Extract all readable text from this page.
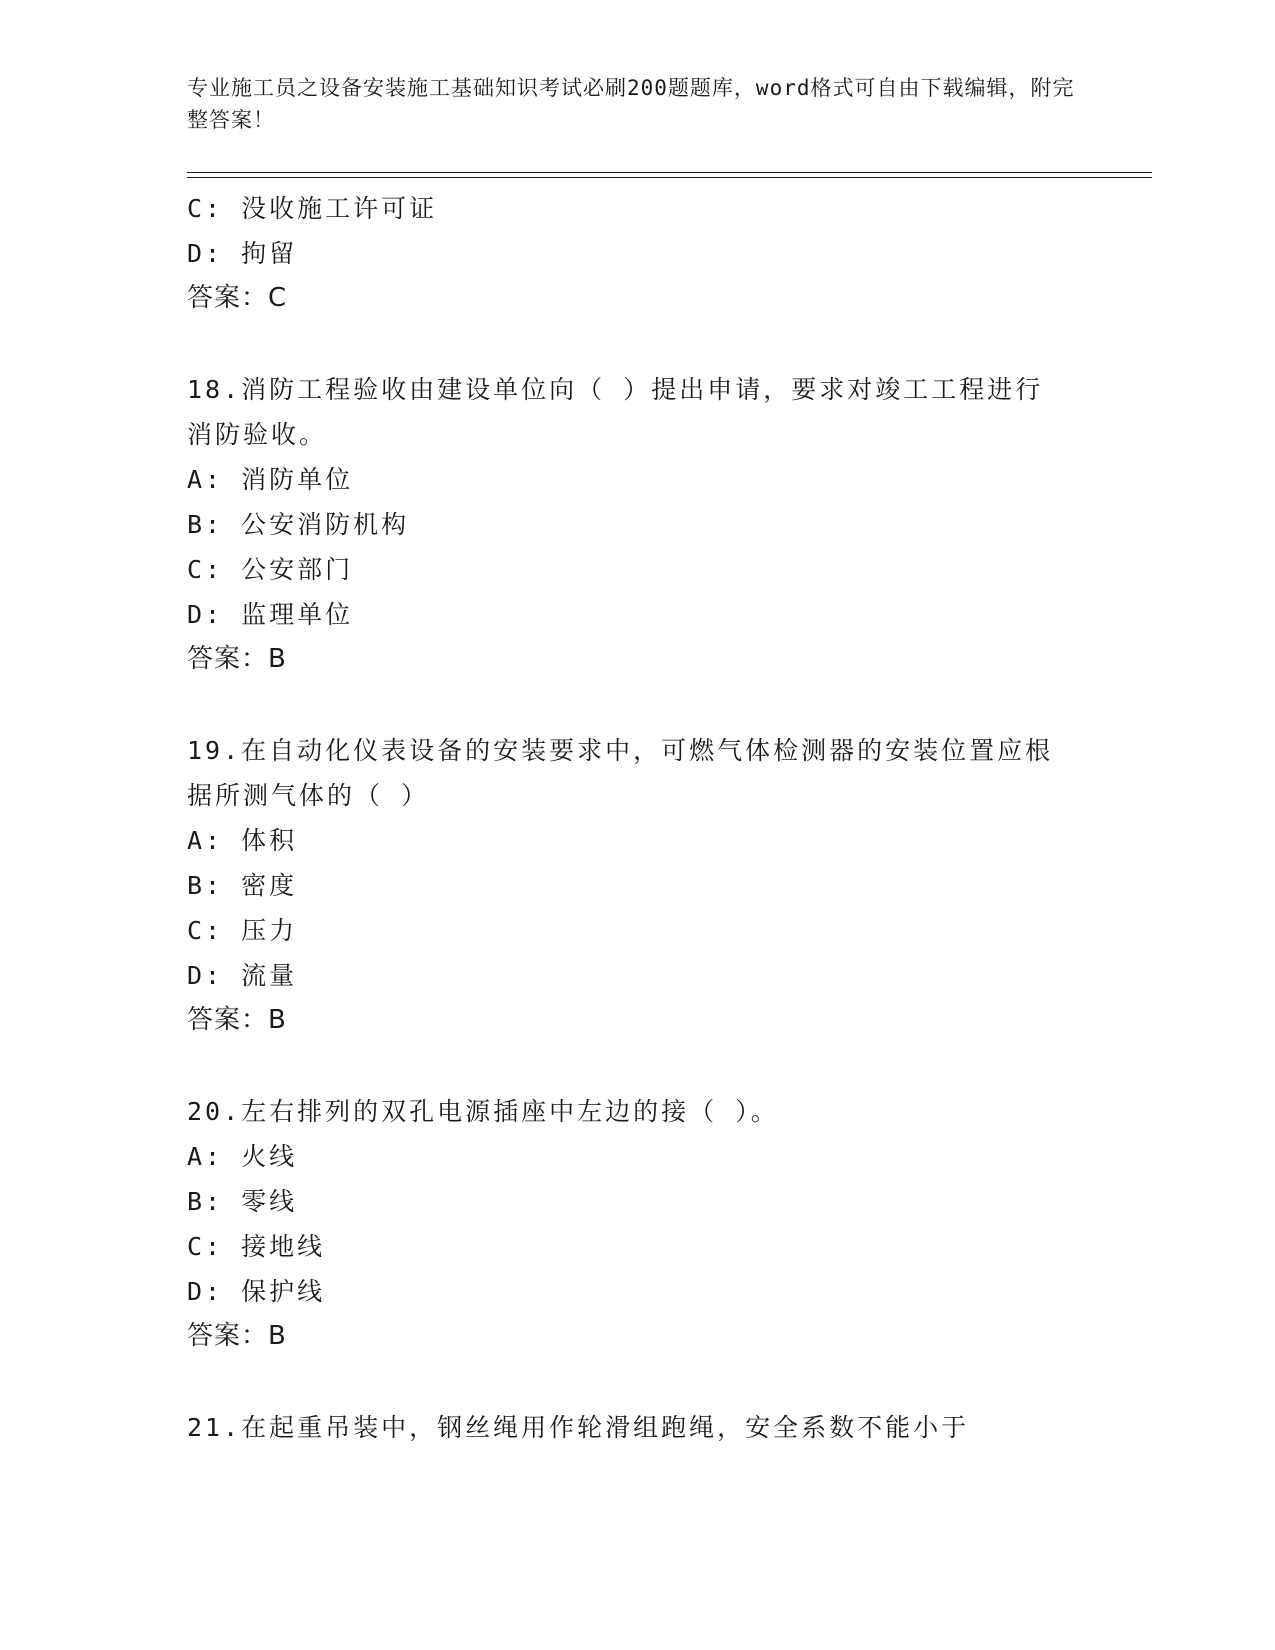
专业施工员之设备安装施工基础知识考试必刷200题题库，word格式可自由下载编辑，附完整答案！
C: 没收施工许可证
D: 拘留
答案：C
18.消防工程验收由建设单位向（ ）提出申请，要求对竣工工程进行
消防验收。
A: 消防单位
B: 公安消防机构
C: 公安部门
D: 监理单位
答案：B
19.在自动化仪表设备的安装要求中，可燃气体检测器的安装位置应根
据所测气体的（ ）
A: 体积
B: 密度
C: 压力
D: 流量
答案：B
20.左右排列的双孔电源插座中左边的接（ ）。
A: 火线
B: 零线
C: 接地线
D: 保护线
答案：B
21.在起重吊装中，钢丝绳用作轮滑组跑绳，安全系数不能小于
